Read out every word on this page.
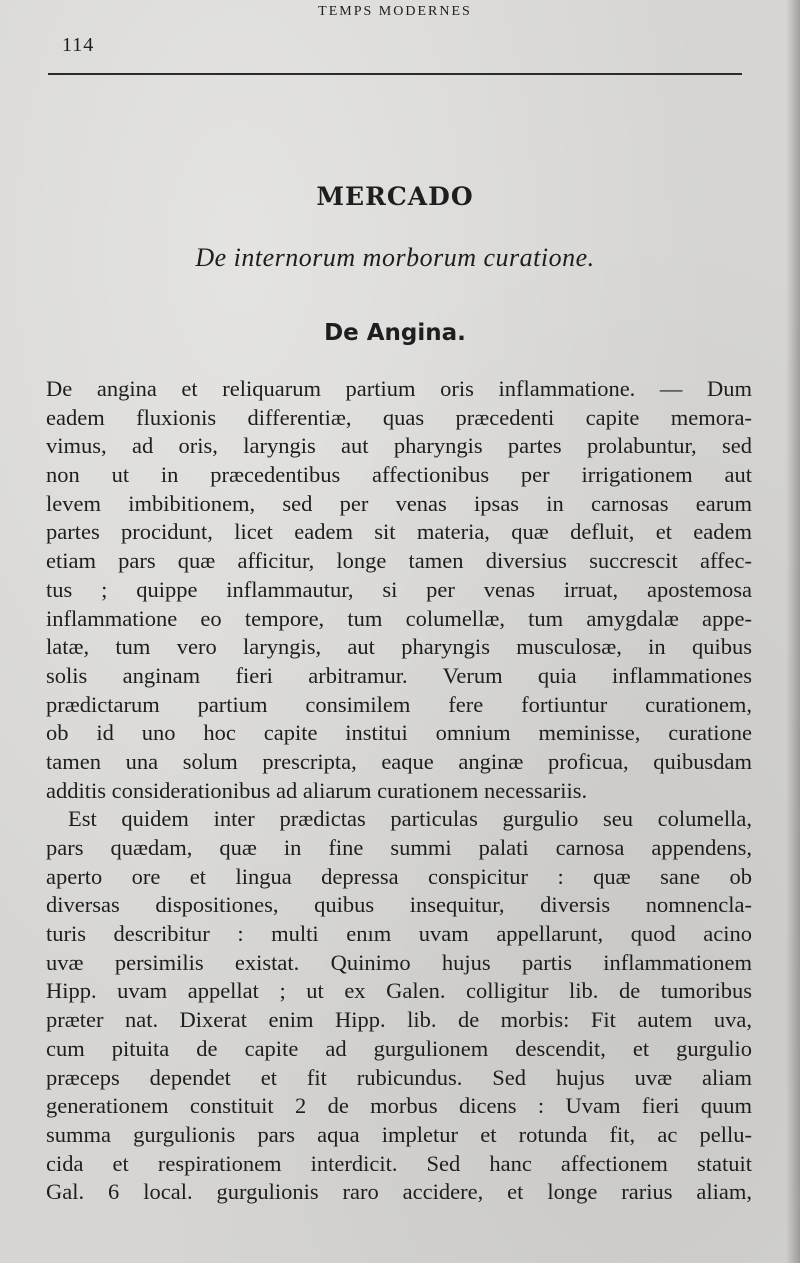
114
TEMPS MODERNES
MERCADO
De internorum morborum curatione.
De Angina.
De angina et reliquarum partium oris inflammatione. — Dum
eadem fluxionis differentiæ, quas præcedenti capite memora-
vimus, ad oris, laryngis aut pharyngis partes prolabuntur, sed
non ut in præcedentibus affectionibus per irrigationem aut
levem imbibitionem, sed per venas ipsas in carnosas earum
partes procidunt, licet eadem sit materia, quæ defluit, et eadem
etiam pars quæ afficitur, longe tamen diversius succrescit affec-
tus ; quippe inflammautur, si per venas irruat, apostemosa
inflammatione eo tempore, tum columellæ, tum amygdalæ appe-
latæ, tum vero laryngis, aut pharyngis musculosæ, in quibus
solis anginam fieri arbitramur. Verum quia inflammationes
prædictarum partium consimilem fere fortiuntur curationem,
ob id uno hoc capite institui omnium meminisse, curatione
tamen una solum prescripta, eaque anginæ proficua, quibusdam
additis considerationibus ad aliarum curationem necessariis.
Est quidem inter prædictas particulas gurgulio seu columella,
pars quædam, quæ in fine summi palati carnosa appendens,
aperto ore et lingua depressa conspicitur : quæ sane ob
diversas dispositiones, quibus insequitur, diversis nomnencla-
turis describitur : multi enım uvam appellarunt, quod acino
uvæ persimilis existat. Quinimo hujus partis inflammationem
Hipp. uvam appellat ; ut ex Galen. colligitur lib. de tumoribus
præter nat. Dixerat enim Hipp. lib. de morbis: Fit autem uva,
cum pituita de capite ad gurgulionem descendit, et gurgulio
præceps dependet et fit rubicundus. Sed hujus uvæ aliam
generationem constituit 2 de morbus dicens : Uvam fieri quum
summa gurgulionis pars aqua impletur et rotunda fit, ac pellu-
cida et respirationem interdicit. Sed hanc affectionem statuit
Gal. 6 local. gurgulionis raro accidere, et longe rarius aliam,
